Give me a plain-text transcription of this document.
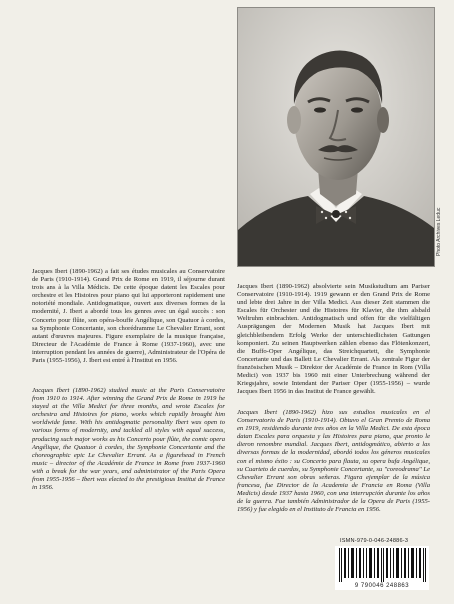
Photo Archives Leduc

Jacques Ibert (1890-1962) a fait ses études musicales au Conservatoire de Paris (1910-1914). Grand Prix de Rome en 1919, il séjourne durant trois ans à la Villa Médicis. De cette époque datent les Escales pour orchestre et les Histoires pour piano qui lui apporteront rapidement une notoriété mondiale. Antidogmatique, ouvert aux diverses formes de la modernité, J. Ibert a abordé tous les genres avec un égal succès : son Concerto pour flûte, son opéra-bouffe Angélique, son Quatuor à cordes, sa Symphonie Concertante, son chorédramme Le Chevalier Errant, sont autant d'œuvres majeures. Figure exemplaire de la musique française, Directeur de l'Académie de France à Rome (1937-1960), avec une interruption pendant les années de guerre), Administrateur de l'Opéra de Paris (1955-1956), J. Ibert est entré à l'Institut en 1956.

Jacques Ibert (1890-1962) studied music at the Paris Conservatoire from 1910 to 1914. After winning the Grand Prix de Rome in 1919 he stayed at the Villa Medici for three months, and wrote Escales for orchestra and Histoires for piano, works which rapidly brought him worldwide fame. With his antidogmatic personality Ibert was open to various forms of modernity, and tackled all styles with equal success, producing such major works as his Concerto pour flûte, the comic opera Angélique, the Quatuor à cordes, the Symphonie Concertante and the choreographic epic Le Chevalier Errant. As a figurehead in French music – director of the Académie de France in Rome from 1937-1960 with a break for the war years, and administrator of the Paris Opera from 1955-1956 – Ibert was elected to the prestigious Institut de France in 1956.

Jacques Ibert (1890-1962) absolvierte sein Musikstudium am Pariser Conservatoire (1910-1914). 1919 gewann er den Grand Prix de Rome und lebte drei Jahre in der Villa Medici. Aus dieser Zeit stammen die Escales für Orchester und die Histoires für Klavier, die ihm alsbald Weltruhm einbrachten. Antidogmatisch und offen für die vielfältigen Ausprägungen der Modernen Musik hat Jacques Ibert mit gleichbleibendem Erfolg Werke der unterschiedlichsten Gattungen komponiert. Zu seinen Hauptwerken zählen ebenso das Flötenkonzert, die Buffo-Oper Angélique, das Streichquartett, die Symphonie Concertante und das Ballett Le Chevalier Errant. Als zentrale Figur der französischen Musik – Direktor der Académie de France in Rom (Villa Medici) von 1937 bis 1960 mit einer Unterbrechung während der Kriegsjahre, sowie Intendant der Pariser Oper (1955-1956) – wurde Jacques Ibert 1956 in das Institut de France gewählt.

Jacques Ibert (1890-1962) hizo sus estudios musicales en el Conservatorio de Paris (1910-1914). Obtuvo el Gran Premio de Roma en 1919, residiendo durante tres años en la Villa Medici. De esta época datan Escales para orquesta y las Histoires para piano, que pronto le dieron renombre mundial. Jacques Ibert, antidogmático, abierto a las diversas formas de la modernidad, abordó todos los géneros musicales con el mismo éxito : su Concerto para flauta, su opera bufa Angélique, su Cuarteto de cuerdas, su Symphonie Concertante, su "coreodrama" Le Chevalier Errant son obras señeras. Figura ejemplar de la música francesa, fue Director de la Academia de Francia en Roma (Villa Medicis) desde 1937 hasta 1960, con una interrupción durante los años de la guerra. Fue también Administrador de la Opera de Paris (1955-1956) y fue elegido en el Instituto de Francia en 1956.

ISMN-979-0-046-24886-3
9 790046 248863
